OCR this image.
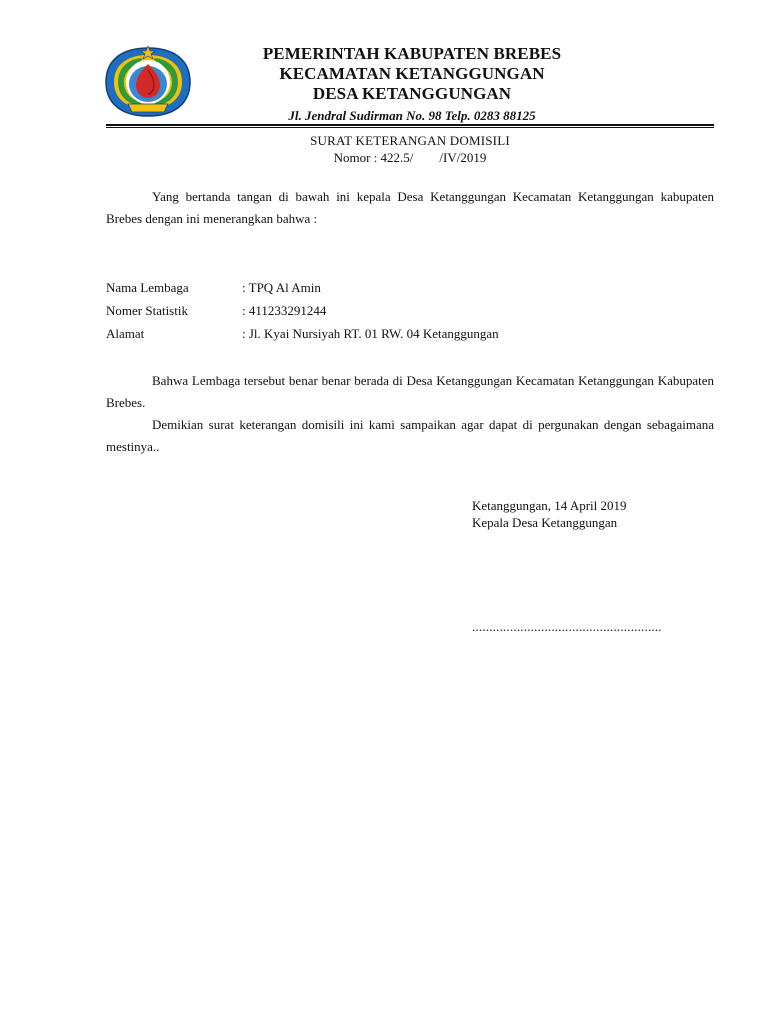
PEMERINTAH KABUPATEN BREBES
KECAMATAN KETANGGUNGAN
DESA KETANGGUNGAN
Jl. Jendral Sudirman No. 98 Telp. 0283 88125
SURAT KETERANGAN DOMISILI
Nomor : 422.5/ /IV/2019
Yang bertanda tangan di bawah ini kepala Desa Ketanggungan Kecamatan Ketanggungan kabupaten Brebes dengan ini menerangkan bahwa :
Nama Lembaga	: TPQ Al Amin
Nomer Statistik	: 411233291244
Alamat	: Jl. Kyai Nursiyah RT. 01 RW. 04 Ketanggungan
Bahwa Lembaga tersebut benar benar berada di Desa Ketanggungan Kecamatan Ketanggungan Kabupaten Brebes.
Demikian surat keterangan domisili ini kami sampaikan agar dapat di pergunakan dengan sebagaimana mestinya..
Ketanggungan, 14 April 2019
Kepala Desa Ketanggungan
.......................................................
